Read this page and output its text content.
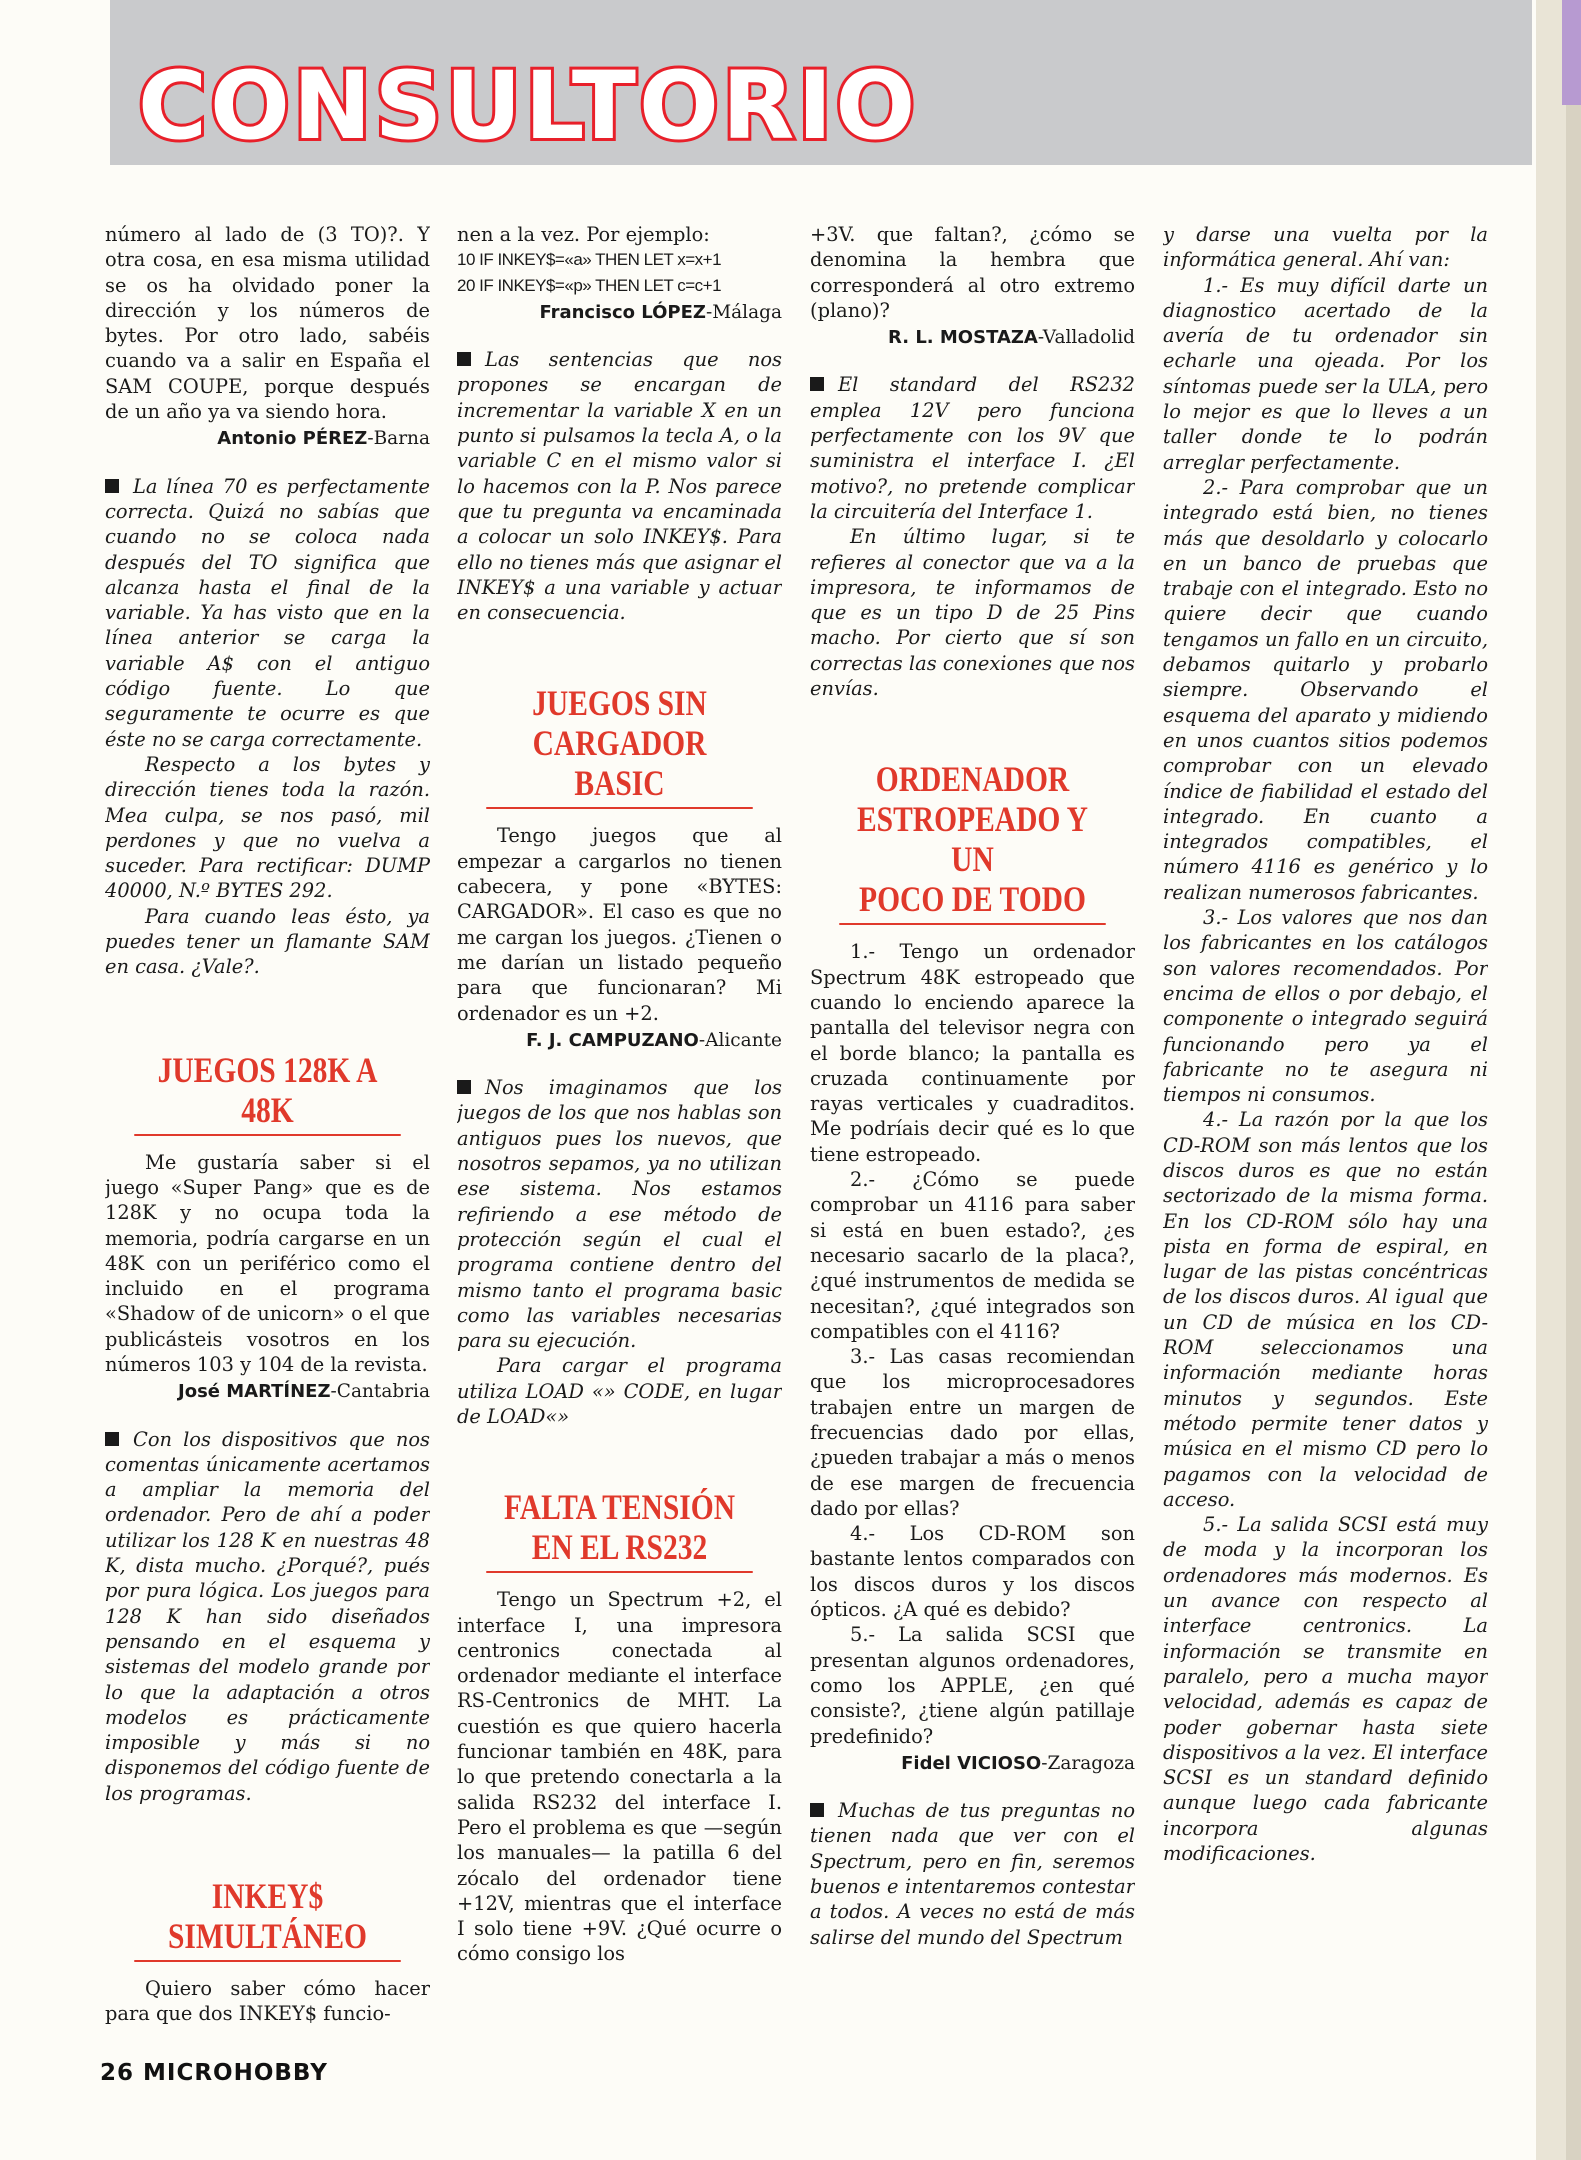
CONSULTORIO

número al lado de (3 TO)?. Y otra cosa, en esa misma utilidad se os ha olvidado poner la dirección y los números de bytes. Por otro lado, sabéis cuando va a salir en España el SAM COUPE, porque después de un año ya va siendo hora.

Antonio PÉREZ-Barna

La línea 70 es perfectamente correcta. Quizá no sabías que cuando no se coloca nada después del TO significa que alcanza hasta el final de la variable. Ya has visto que en la línea anterior se carga la variable A$ con el antiguo código fuente. Lo que seguramente te ocurre es que éste no se carga correctamente.

Respecto a los bytes y dirección tienes toda la razón. Mea culpa, se nos pasó, mil perdones y que no vuelva a suceder. Para rectificar: DUMP 40000, N.º BYTES 292.

Para cuando leas ésto, ya puedes tener un flamante SAM en casa. ¿Vale?.

JUEGOS 128K A 48K

Me gustaría saber si el juego «Super Pang» que es de 128K y no ocupa toda la memoria, podría cargarse en un 48K con un periférico como el incluido en el programa «Shadow of de unicorn» o el que publicásteis vosotros en los números 103 y 104 de la revista.

José MARTÍNEZ-Cantabria

Con los dispositivos que nos comentas únicamente acertamos a ampliar la memoria del ordenador. Pero de ahí a poder utilizar los 128 K en nuestras 48 K, dista mucho. ¿Porqué?, pués por pura lógica. Los juegos para 128 K han sido diseñados pensando en el esquema y sistemas del modelo grande por lo que la adaptación a otros modelos es prácticamente imposible y más si no disponemos del código fuente de los programas.

INKEY$ SIMULTÁNEO

Quiero saber cómo hacer para que dos INKEY$ funcio-

nen a la vez. Por ejemplo:

10 IF INKEY$=«a» THEN LET x=x+1

20 IF INKEY$=«p» THEN LET c=c+1

Francisco LÓPEZ-Málaga

Las sentencias que nos propones se encargan de incrementar la variable X en un punto si pulsamos la tecla A, o la variable C en el mismo valor si lo hacemos con la P. Nos parece que tu pregunta va encaminada a colocar un solo INKEY$. Para ello no tienes más que asignar el INKEY$ a una variable y actuar en consecuencia.

JUEGOS SIN
CARGADOR BASIC

Tengo juegos que al empezar a cargarlos no tienen cabecera, y pone «BYTES: CARGADOR». El caso es que no me cargan los juegos. ¿Tienen o me darían un listado pequeño para que funcionaran? Mi ordenador es un +2.

F. J. CAMPUZANO-Alicante

Nos imaginamos que los juegos de los que nos hablas son antiguos pues los nuevos, que nosotros sepamos, ya no utilizan ese sistema. Nos estamos refiriendo a ese método de protección según el cual el programa contiene dentro del mismo tanto el programa basic como las variables necesarias para su ejecución.

Para cargar el programa utiliza LOAD «» CODE, en lugar de LOAD«»

FALTA TENSIÓN
EN EL RS232

Tengo un Spectrum +2, el interface I, una impresora centronics conectada al ordenador mediante el interface RS-Centronics de MHT. La cuestión es que quiero hacerla funcionar también en 48K, para lo que pretendo conectarla a la salida RS232 del interface I. Pero el problema es que —según los manuales— la patilla 6 del zócalo del ordenador tiene +12V, mientras que el interface I solo tiene +9V. ¿Qué ocurre o cómo consigo los

+3V. que faltan?, ¿cómo se denomina la hembra que corresponderá al otro extremo (plano)?

R. L. MOSTAZA-Valladolid

El standard del RS232 emplea 12V pero funciona perfectamente con los 9V que suministra el interface I. ¿El motivo?, no pretende complicar la circuitería del Interface 1.

En último lugar, si te refieres al conector que va a la impresora, te informamos de que es un tipo D de 25 Pins macho. Por cierto que sí son correctas las conexiones que nos envías.

ORDENADOR
ESTROPEADO Y UN
POCO DE TODO

1.- Tengo un ordenador Spectrum 48K estropeado que cuando lo enciendo aparece la pantalla del televisor negra con el borde blanco; la pantalla es cruzada continuamente por rayas verticales y cuadraditos. Me podríais decir qué es lo que tiene estropeado.

2.- ¿Cómo se puede comprobar un 4116 para saber si está en buen estado?, ¿es necesario sacarlo de la placa?, ¿qué instrumentos de medida se necesitan?, ¿qué integrados son compatibles con el 4116?

3.- Las casas recomiendan que los microprocesadores trabajen entre un margen de frecuencias dado por ellas, ¿pueden trabajar a más o menos de ese margen de frecuencia dado por ellas?

4.- Los CD-ROM son bastante lentos comparados con los discos duros y los discos ópticos. ¿A qué es debido?

5.- La salida SCSI que presentan algunos ordenadores, como los APPLE, ¿en qué consiste?, ¿tiene algún patillaje predefinido?

Fidel VICIOSO-Zaragoza

Muchas de tus preguntas no tienen nada que ver con el Spectrum, pero en fin, seremos buenos e intentaremos contestar a todos. A veces no está de más salirse del mundo del Spectrum

y darse una vuelta por la informática general. Ahí van:

1.- Es muy difícil darte un diagnostico acertado de la avería de tu ordenador sin echarle una ojeada. Por los síntomas puede ser la ULA, pero lo mejor es que lo lleves a un taller donde te lo podrán arreglar perfectamente.

2.- Para comprobar que un integrado está bien, no tienes más que desoldarlo y colocarlo en un banco de pruebas que trabaje con el integrado. Esto no quiere decir que cuando tengamos un fallo en un circuito, debamos quitarlo y probarlo siempre. Observando el esquema del aparato y midiendo en unos cuantos sitios podemos comprobar con un elevado índice de fiabilidad el estado del integrado. En cuanto a integrados compatibles, el número 4116 es genérico y lo realizan numerosos fabricantes.

3.- Los valores que nos dan los fabricantes en los catálogos son valores recomendados. Por encima de ellos o por debajo, el componente o integrado seguirá funcionando pero ya el fabricante no te asegura ni tiempos ni consumos.

4.- La razón por la que los CD-ROM son más lentos que los discos duros es que no están sectorizado de la misma forma. En los CD-ROM sólo hay una pista en forma de espiral, en lugar de las pistas concéntricas de los discos duros. Al igual que un CD de música en los CD-ROM seleccionamos una información mediante horas minutos y segundos. Este método permite tener datos y música en el mismo CD pero lo pagamos con la velocidad de acceso.

5.- La salida SCSI está muy de moda y la incorporan los ordenadores más modernos. Es un avance con respecto al interface centronics. La información se transmite en paralelo, pero a mucha mayor velocidad, además es capaz de poder gobernar hasta siete dispositivos a la vez. El interface SCSI es un standard definido aunque luego cada fabricante incorpora algunas modificaciones.

26 MICROHOBBY
